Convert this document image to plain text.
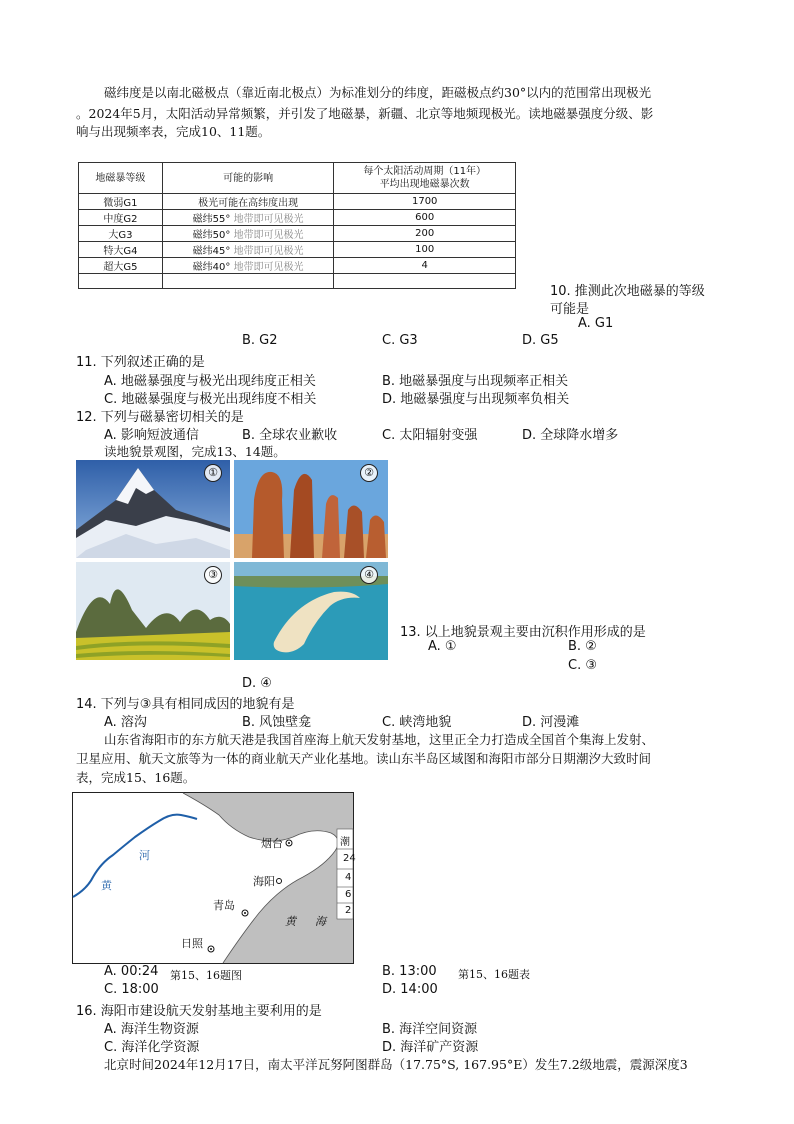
磁纬度是以南北磁极点（靠近南北极点）为标准划分的纬度，距磁极点约30°以内的范围常出现极光
。2024年5月，太阳活动异常频繁，并引发了地磁暴，新疆、北京等地频现极光。读地磁暴强度分级、影
响与出现频率表，完成10、11题。
地磁暴等级	可能的影响	每个太阳活动周期（11年）
平均出现地磁暴次数

微弱G1	极光可能在高纬度出现	1700
中度G2	磁纬55° 地带即可见极光	600
大G3	磁纬50° 地带即可见极光	200
特大G4	磁纬45° 地带即可见极光	100
超大G5	磁纬40° 地带即可见极光	4

10. 推测此次地磁暴的等级
可能是
A. G1
B. G2	C. G3	D. G5
11. 下列叙述正确的是
A. 地磁暴强度与极光出现纬度正相关	B. 地磁暴强度与出现频率正相关
C. 地磁暴强度与极光出现纬度不相关	D. 地磁暴强度与出现频率负相关
12. 下列与磁暴密切相关的是
A. 影响短波通信	B. 全球农业歉收	C. 太阳辐射变强	D. 全球降水增多
读地貌景观图，完成13、14题。
①	②
③	④
13. 以上地貌景观主要由沉积作用形成的是
A. ①	B. ②
C. ③
D. ④
14. 下列与③具有相同成因的地貌有是
A. 溶沟	B. 风蚀壁龛	C. 峡湾地貌	D. 河漫滩
山东省海阳市的东方航天港是我国首座海上航天发射基地，这里正全力打造成全国首个集海上发射、
卫星应用、航天文旅等为一体的商业航天产业化基地。读山东半岛区域图和海阳市部分日期潮汐大致时间
表，完成15、16题。
黄
河
烟台
海阳
青岛
日照
黄 海
潮
24
4
6
2
A. 00:24 第15、16题图	B. 13:00 第15、16题表
C. 18:00	D. 14:00
16. 海阳市建设航天发射基地主要利用的是
A. 海洋生物资源	B. 海洋空间资源
C. 海洋化学资源	D. 海洋矿产资源
北京时间2024年12月17日，南太平洋瓦努阿图群岛（17.75°S, 167.95°E）发生7.2级地震，震源深度3
